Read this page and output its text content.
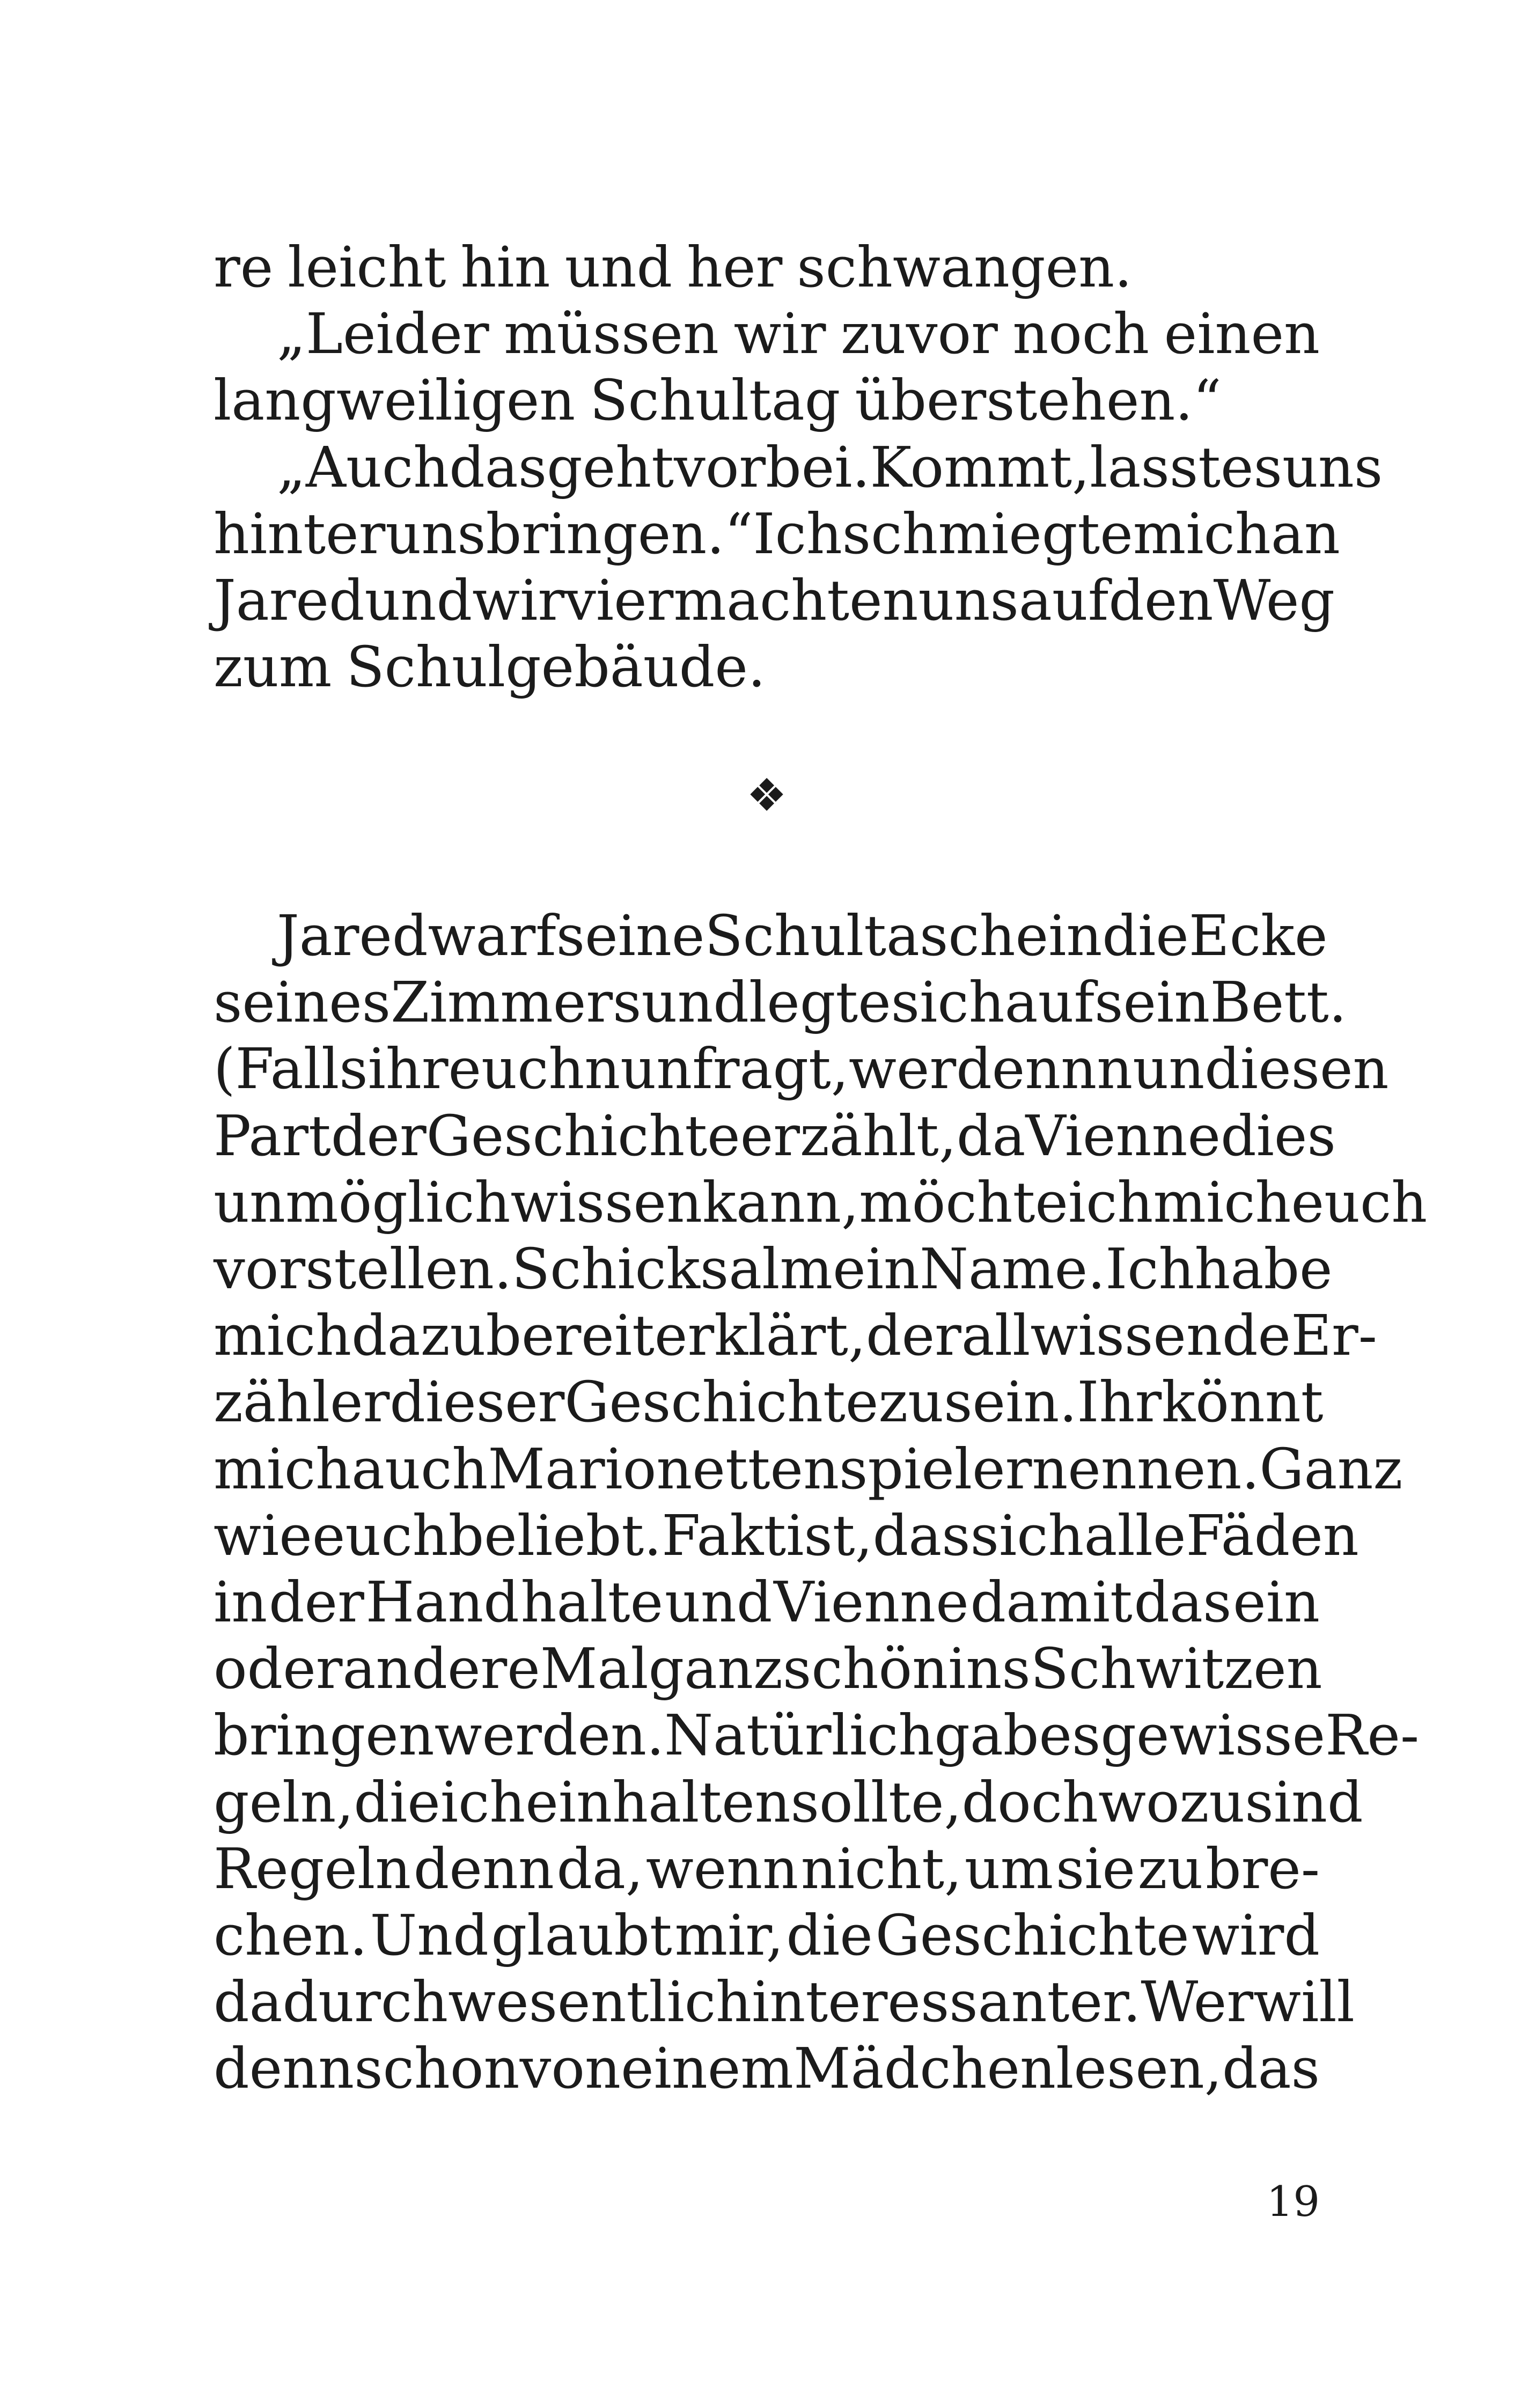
re leicht hin und her schwangen.
„Leider müssen wir zuvor noch einen
langweiligen Schultag überstehen.“
„Auch das geht vorbei. Kommt, lasst es uns
hinter uns bringen.“ Ich schmiegte mich an
Jared und wir vier machten uns auf den Weg
zum Schulgebäude.
Jared warf seine Schultasche in die Ecke
seines Zimmers und legte sich auf sein Bett.
(Falls ihr euch nun fragt, wer denn nun diesen
Part der Geschichte erzählt, da Vienne dies
unmöglich wissen kann, möchte ich mich euch
vorstellen. Schicksal mein Name. Ich habe
mich dazu bereit erklärt, der allwissende Er-
zähler dieser Geschichte zu sein. Ihr könnt
mich auch Marionettenspieler nennen. Ganz
wie euch beliebt. Fakt ist, dass ich alle Fäden
in der Hand halte und Vienne damit das ein
oder andere Mal ganz schön ins Schwitzen
bringen werden. Natürlich gab es gewisse Re-
geln, die ich einhalten sollte, doch wozu sind
Regeln denn da, wenn nicht, um sie zu bre-
chen. Und glaubt mir, die Geschichte wird
dadurch wesentlich interessanter. Wer will
denn schon von einem Mädchen lesen, das
❖
19
